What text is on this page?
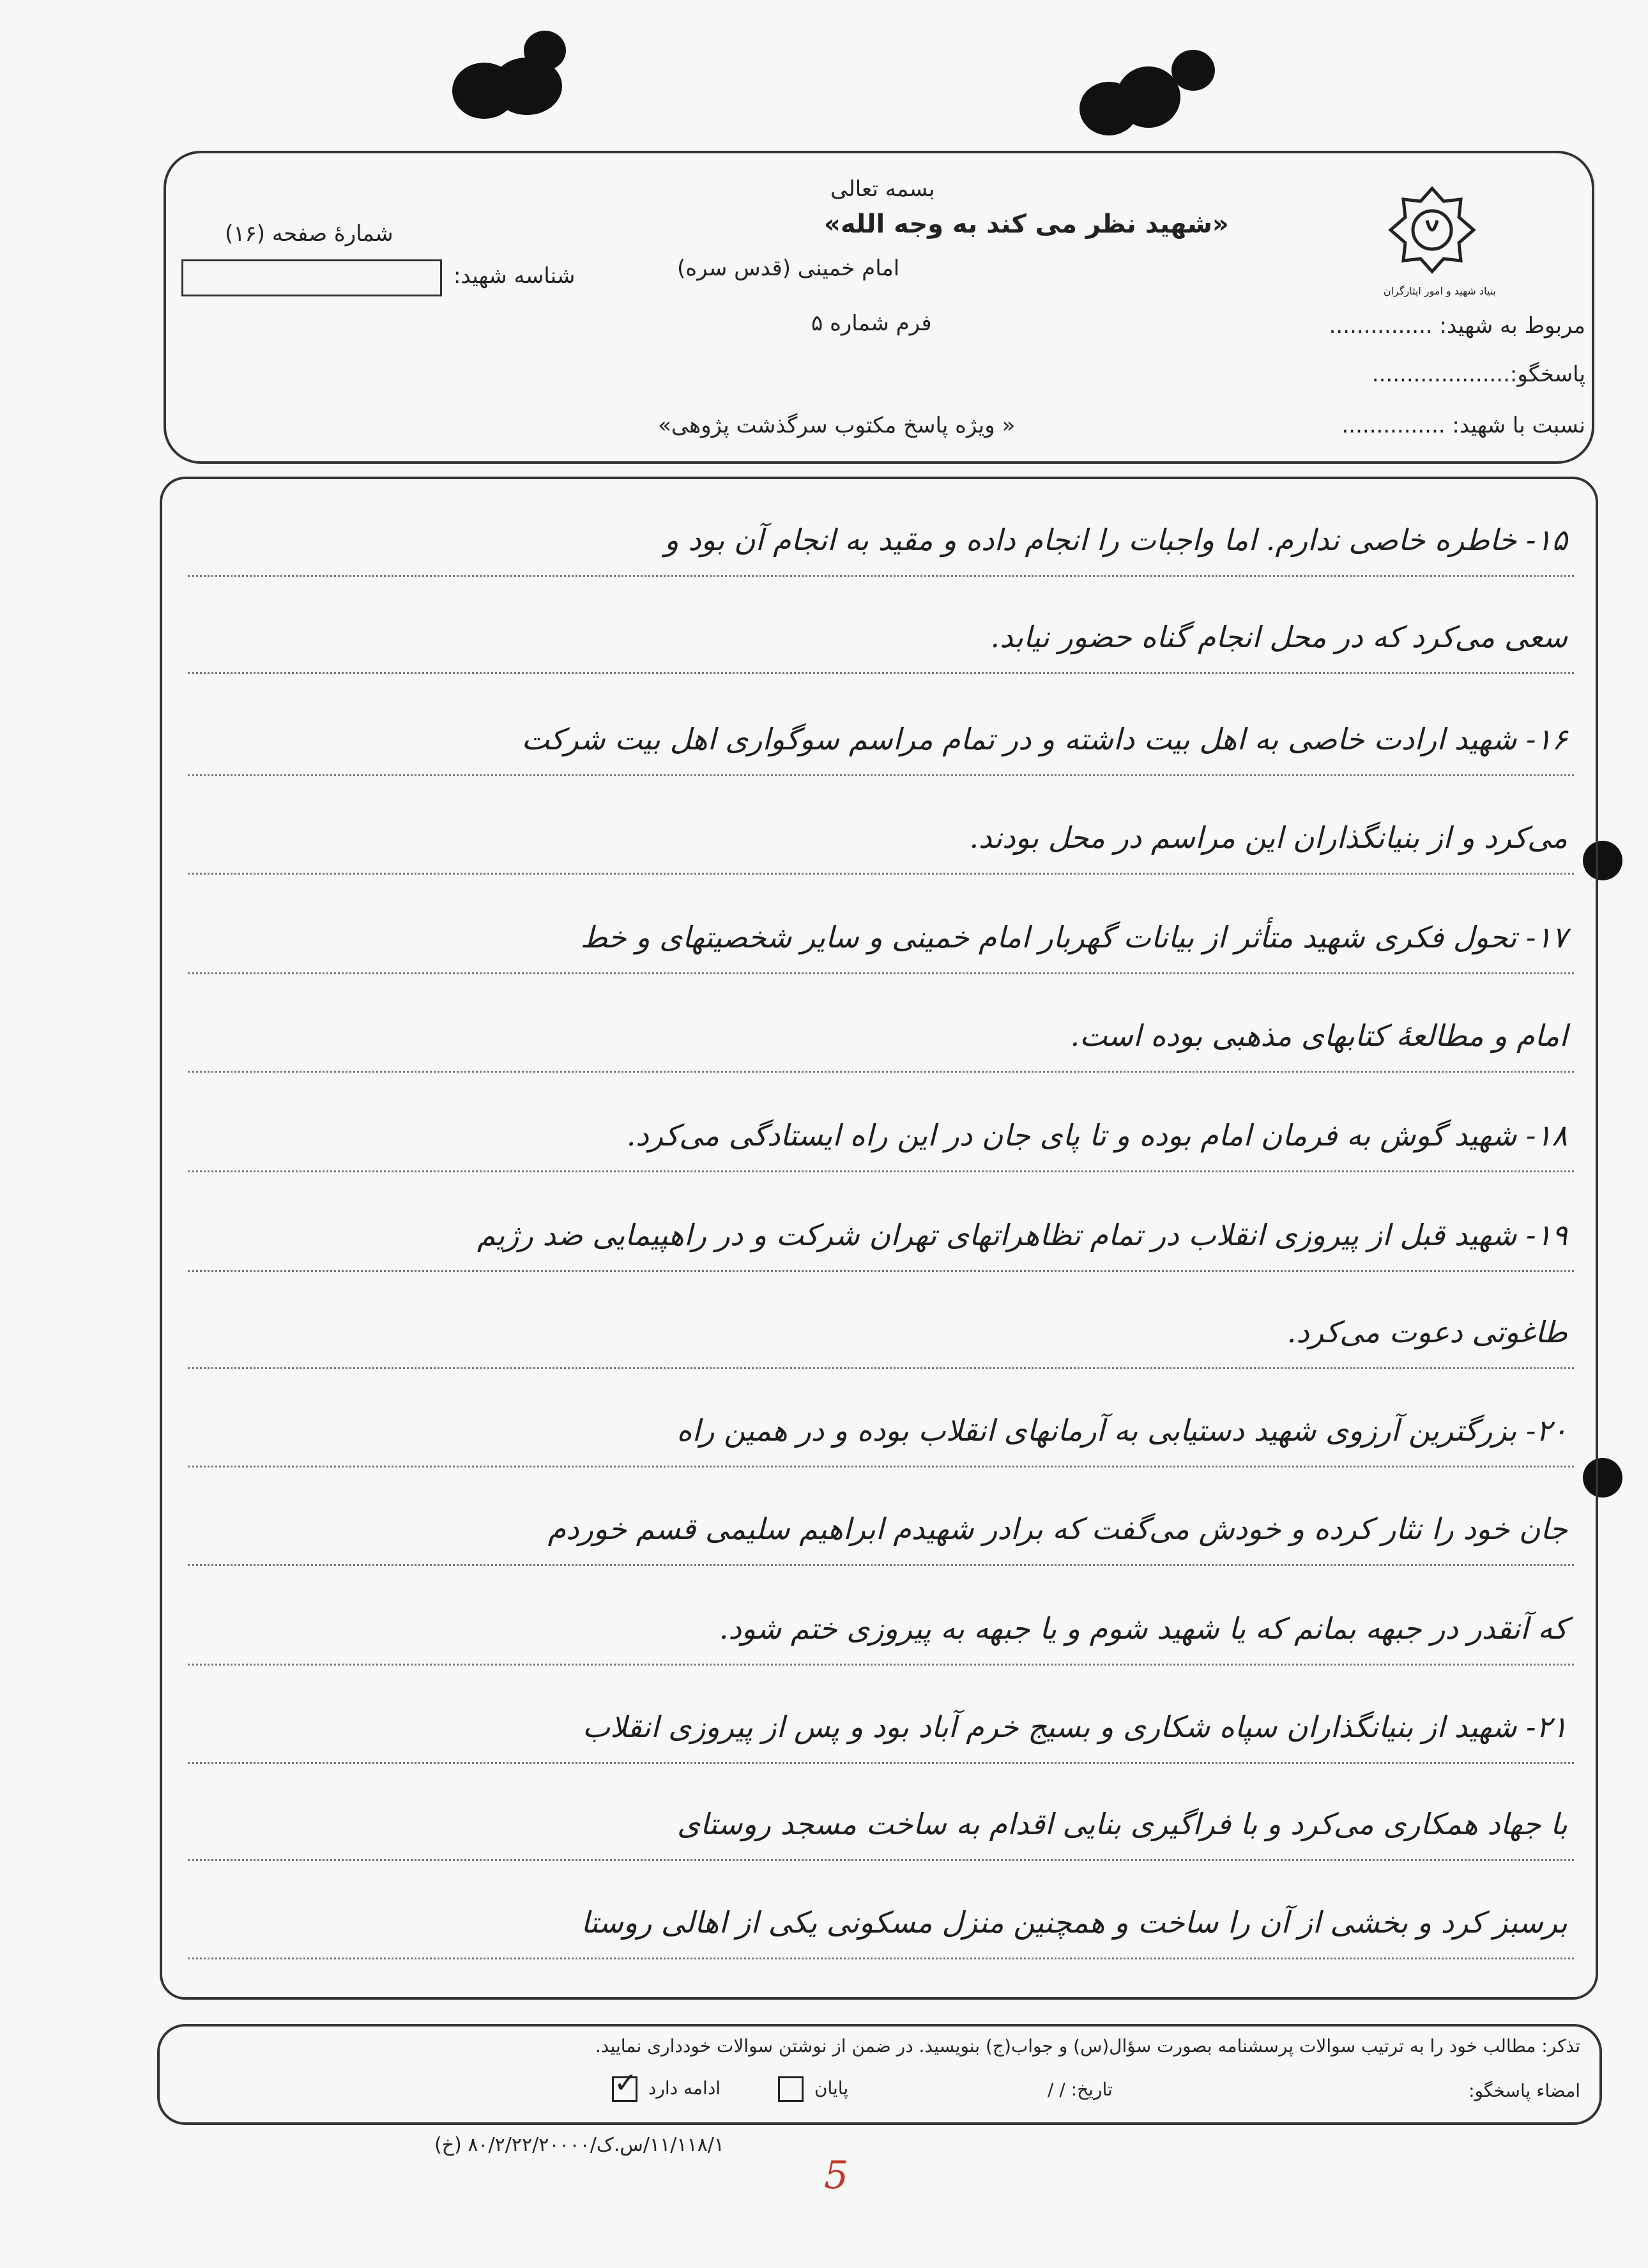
بنیاد شهید و امور ایثارگران
بسمه تعالی
«شهید نظر می کند به وجه الله»
امام خمینی (قدس سره)
فرم شماره ۵
« ویژه پاسخ مکتوب سرگذشت پژوهی»
شمارهٔ صفحه (۱۶)
شناسه شهید:
مربوط به شهید: ...............
پاسخگو:....................
نسبت با شهید: ...............
۱۵- خاطره خاصی ندارم. اما واجبات را انجام داده و مقید به انجام آن بود و
سعی می‌کرد که در محل انجام گناه حضور نیابد.
۱۶- شهید ارادت خاصی به اهل بیت داشته و در تمام مراسم سوگواری اهل بیت شرکت
می‌کرد و از بنیانگذاران این مراسم در محل بودند.
۱۷- تحول فکری شهید متأثر از بیانات گهربار امام خمینی و سایر شخصیتهای و خط
امام و مطالعهٔ کتابهای مذهبی بوده است.
۱۸- شهید گوش به فرمان امام بوده و تا پای جان در این راه ایستادگی می‌کرد.
۱۹- شهید قبل از پیروزی انقلاب در تمام تظاهراتهای تهران شرکت و در راهپیمایی ضد رژیم
طاغوتی دعوت می‌کرد.
۲۰- بزرگترین آرزوی شهید دستیابی به آرمانهای انقلاب بوده و در همین راه
جان خود را نثار کرده و خودش می‌گفت که برادر شهیدم ابراهیم سلیمی قسم خوردم
که آنقدر در جبهه بمانم که یا شهید شوم و یا جبهه به پیروزی ختم شود.
۲۱- شهید از بنیانگذاران سپاه شکاری و بسیج خرم آباد بود و پس از پیروزی انقلاب
با جهاد همکاری می‌کرد و با فراگیری بنایی اقدام به ساخت مسجد روستای
برسبز کرد و بخشی از آن را ساخت و همچنین منزل مسکونی یکی از اهالی روستا
تذکر: مطالب خود را به ترتیب سوالات پرسشنامه بصورت سؤال(س) و جواب(ج) بنویسید. در ضمن از نوشتن سوالات خودداری نمایید.
امضاء پاسخگو:
تاریخ: / /
پایان
ادامه دارد ✓
۱۱/۱۱۸/۱/س.ک/۸۰/۲/۲۲/۲۰۰۰۰ (خ)
5
